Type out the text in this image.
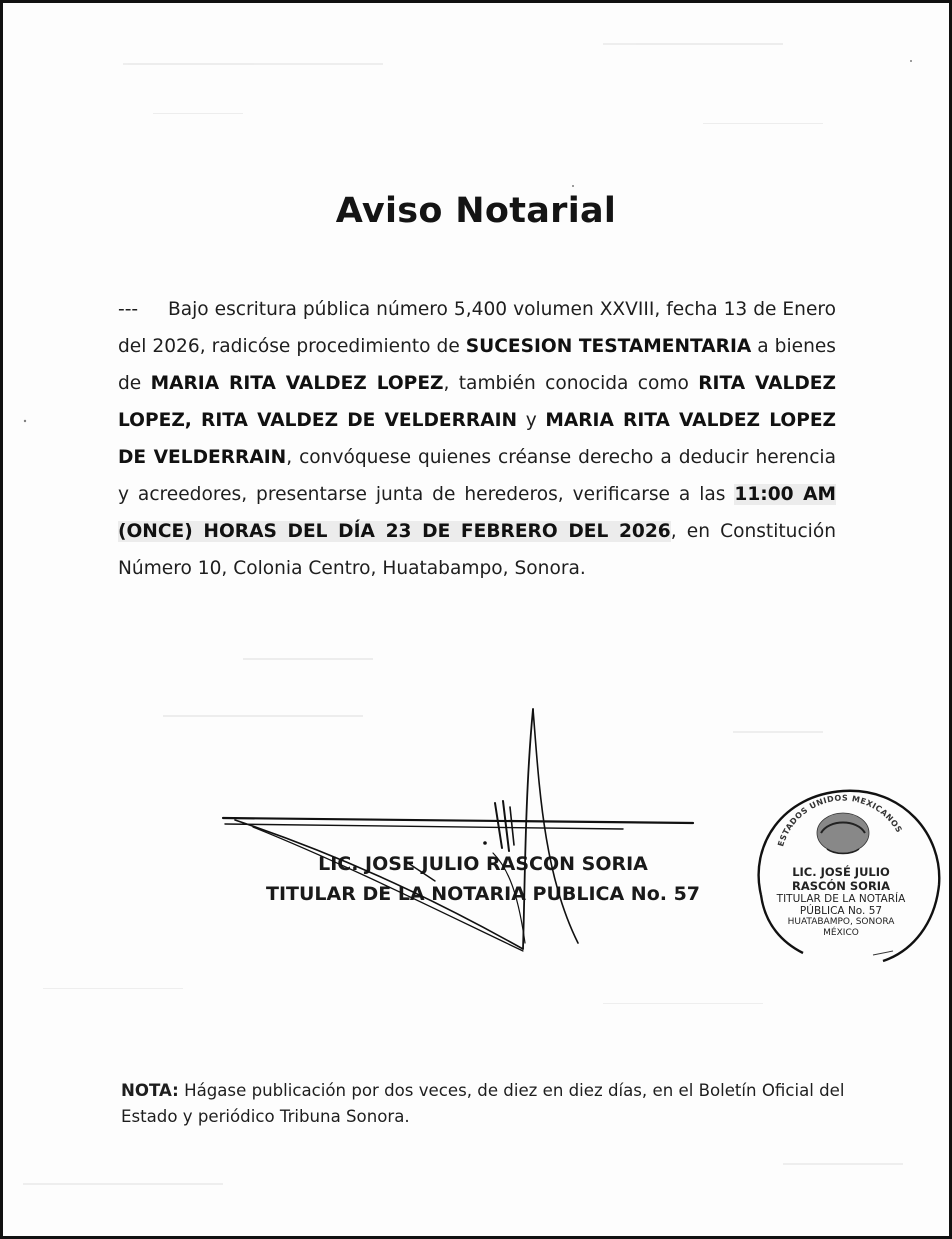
Aviso Notarial

--- Bajo escritura pública número 5,400 volumen XXVIII, fecha 13 de Enero del 2026, radicóse procedimiento de SUCESION TESTAMENTARIA a bienes de MARIA RITA VALDEZ LOPEZ, también conocida como RITA VALDEZ LOPEZ, RITA VALDEZ DE VELDERRAIN y MARIA RITA VALDEZ LOPEZ DE VELDERRAIN, convóquese quienes créanse derecho a deducir herencia y acreedores, presentarse junta de herederos, verificarse a las 11:00 AM (ONCE) HORAS DEL DÍA 23 DE FEBRERO DEL 2026, en Constitución Número 10, Colonia Centro, Huatabampo, Sonora.

LIC. JOSE JULIO RASCON SORIA
TITULAR DE LA NOTARIA PUBLICA No. 57
ESTADOS UNIDOS MEXICANOS
LIC. JOSÉ JULIO
RASCÓN SORIA
TITULAR DE LA NOTARÍA
PÚBLICA No. 57
HUATABAMPO, SONORA
MÉXICO

NOTA: Hágase publicación por dos veces, de diez en diez días, en el Boletín Oficial del Estado y periódico Tribuna Sonora.
